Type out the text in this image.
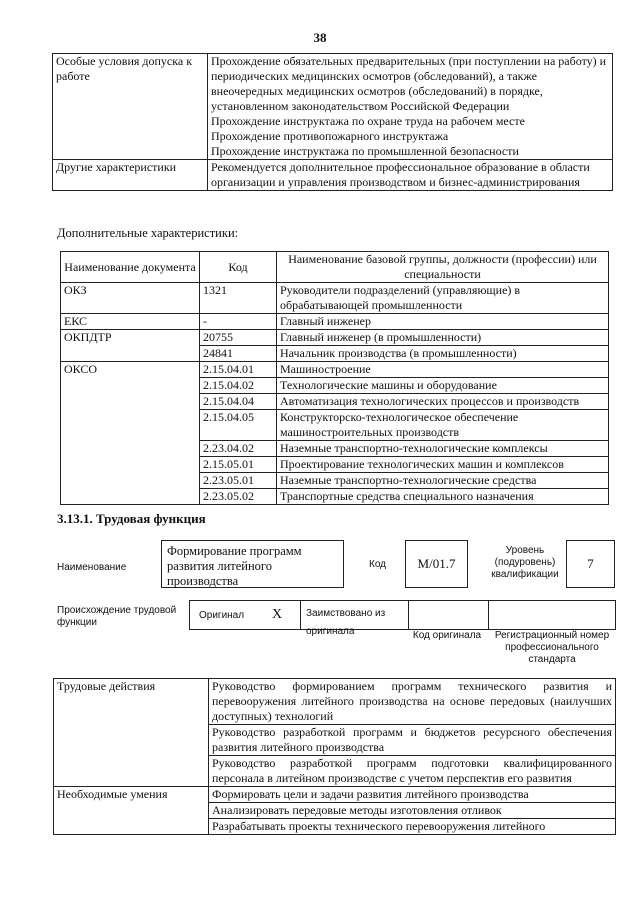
38
Особые условия допуска к работе	Прохождение обязательных предварительных (при поступлении на работу) и периодических медицинских осмотров (обследований), а также внеочередных медицинских осмотров (обследований) в порядке, установленном законодательством Российской Федерации
Прохождение инструктажа по охране труда на рабочем месте
Прохождение противопожарного инструктажа
Прохождение инструктажа по промышленной безопасности

Другие характеристики	Рекомендуется дополнительное профессиональное образование в области организации и управления производством и бизнес-администрирования
Дополнительные характеристики:
Наименование документа	Код	Наименование базовой группы, должности (профессии) или специальности
ОКЗ	1321	Руководители подразделений (управляющие) в обрабатывающей промышленности
ЕКС	-	Главный инженер
ОКПДТР	20755	Главный инженер (в промышленности)
	24841	Начальник производства (в промышленности)
ОКСО	2.15.04.01	Машиностроение
	2.15.04.02	Технологические машины и оборудование
	2.15.04.04	Автоматизация технологических процессов и производств
	2.15.04.05	Конструкторско-технологическое обеспечение машиностроительных производств
	2.23.04.02	Наземные транспортно-технологические комплексы
	2.15.05.01	Проектирование технологических машин и комплексов
	2.23.05.01	Наземные транспортно-технологические средства
	2.23.05.02	Транспортные средства специального назначения
3.13.1. Трудовая функция
Наименование
Формирование программ развития литейного производства
Код	M/01.7
Уровень (подуровень) квалификации
7
Происхождение трудовой функции
Оригинал X	Заимствовано из оригинала	Код оригинала	Регистрационный номер профессионального стандарта
Трудовые действия	Руководство формированием программ технического развития и перевооружения литейного производства на основе передовых (наилучших доступных) технологий
	Руководство разработкой программ и бюджетов ресурсного обеспечения развития литейного производства
	Руководство разработкой программ подготовки квалифицированного персонала в литейном производстве с учетом перспектив его развития
Необходимые умения	Формировать цели и задачи развития литейного производства
	Анализировать передовые методы изготовления отливок
	Разрабатывать проекты технического перевооружения литейного
